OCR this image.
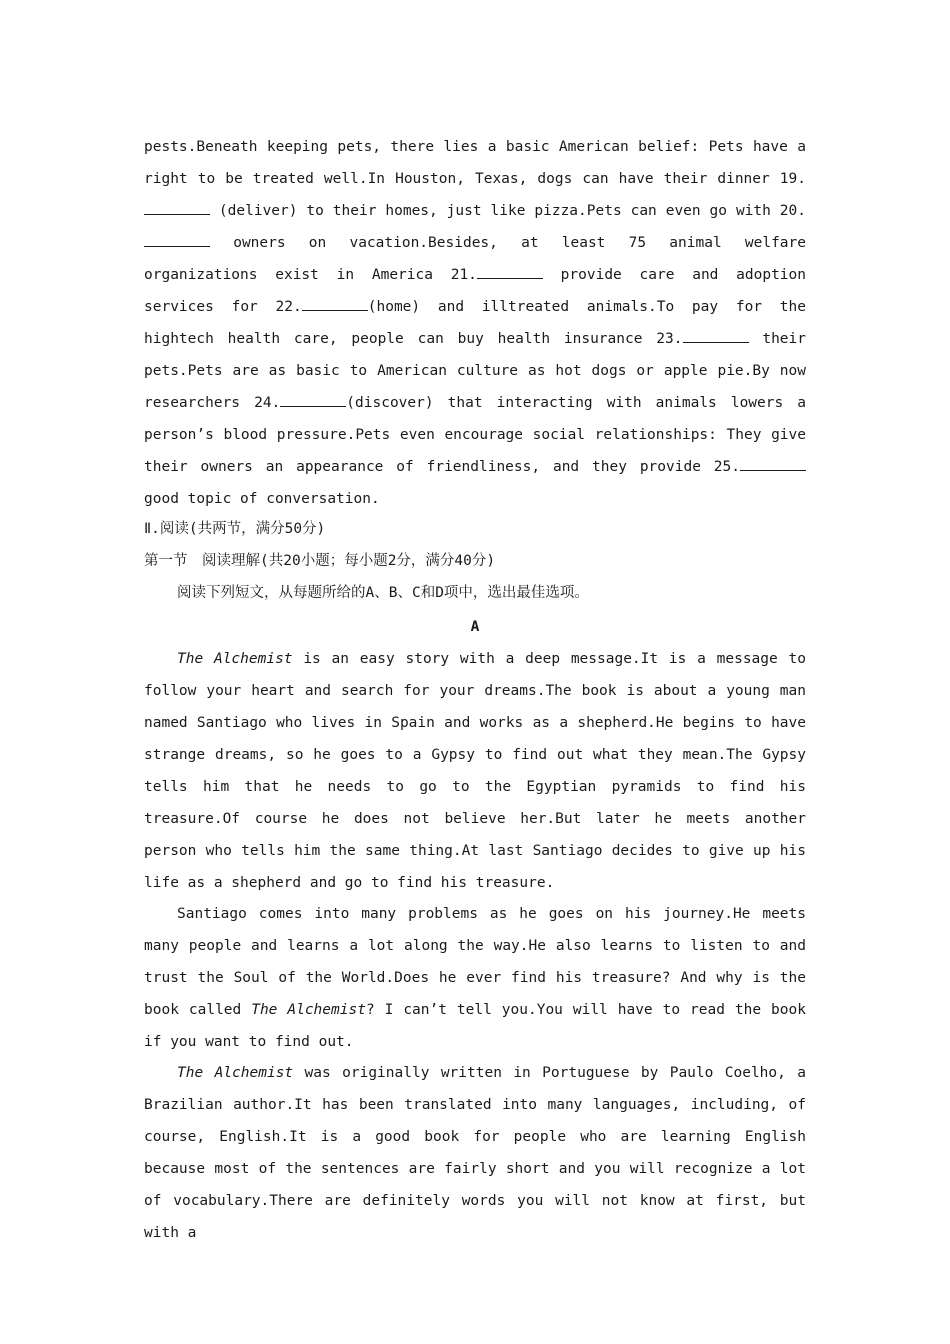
pests.Beneath keeping pets, there lies a basic American belief: Pets have a right to be treated well.In Houston, Texas, dogs can have their dinner 19. (deliver) to their homes, just like pizza.Pets can even go with 20. owners on vacation.Besides, at least 75 animal welfare organizations exist in America 21.	provide care and adoption services for 22.	(home) and illtreated animals.To pay for the hightech health care, people can buy health insurance 23.	their pets.Pets are as basic to American culture as hot dogs or apple pie.By now researchers 24.	(discover) that interacting with animals lowers a person’s blood pressure.Pets even encourage social relationships: They give their owners an appearance of friendliness, and they provide 25. good topic of conversation.

Ⅱ.阅读(共两节，满分50分)

第一节　阅读理解(共20小题；每小题2分，满分40分)

阅读下列短文，从每题所给的A、B、C和D项中，选出最佳选项。

A

The Alchemist is an easy story with a deep message.It is a message to follow your heart and search for your dreams.The book is about a young man named Santiago who lives in Spain and works as a shepherd.He begins to have strange dreams, so he goes to a Gypsy to find out what they mean.The Gypsy tells him that he needs to go to the Egyptian pyramids to find his treasure.Of course he does not believe her.But later he meets another person who tells him the same thing.At last Santiago decides to give up his life as a shepherd and go to find his treasure.

Santiago comes into many problems as he goes on his journey.He meets many people and learns a lot along the way.He also learns to listen to and trust the Soul of the World.Does he ever find his treasure? And why is the book called The Alchemist? I can’t tell you.You will have to read the book if you want to find out.

The Alchemist was originally written in Portuguese by Paulo Coelho, a Brazilian author.It has been translated into many languages, including, of course, English.It is a good book for people who are learning English because most of the sentences are fairly short and you will recognize a lot of vocabulary.There are definitely words you will not know at first, but with a
